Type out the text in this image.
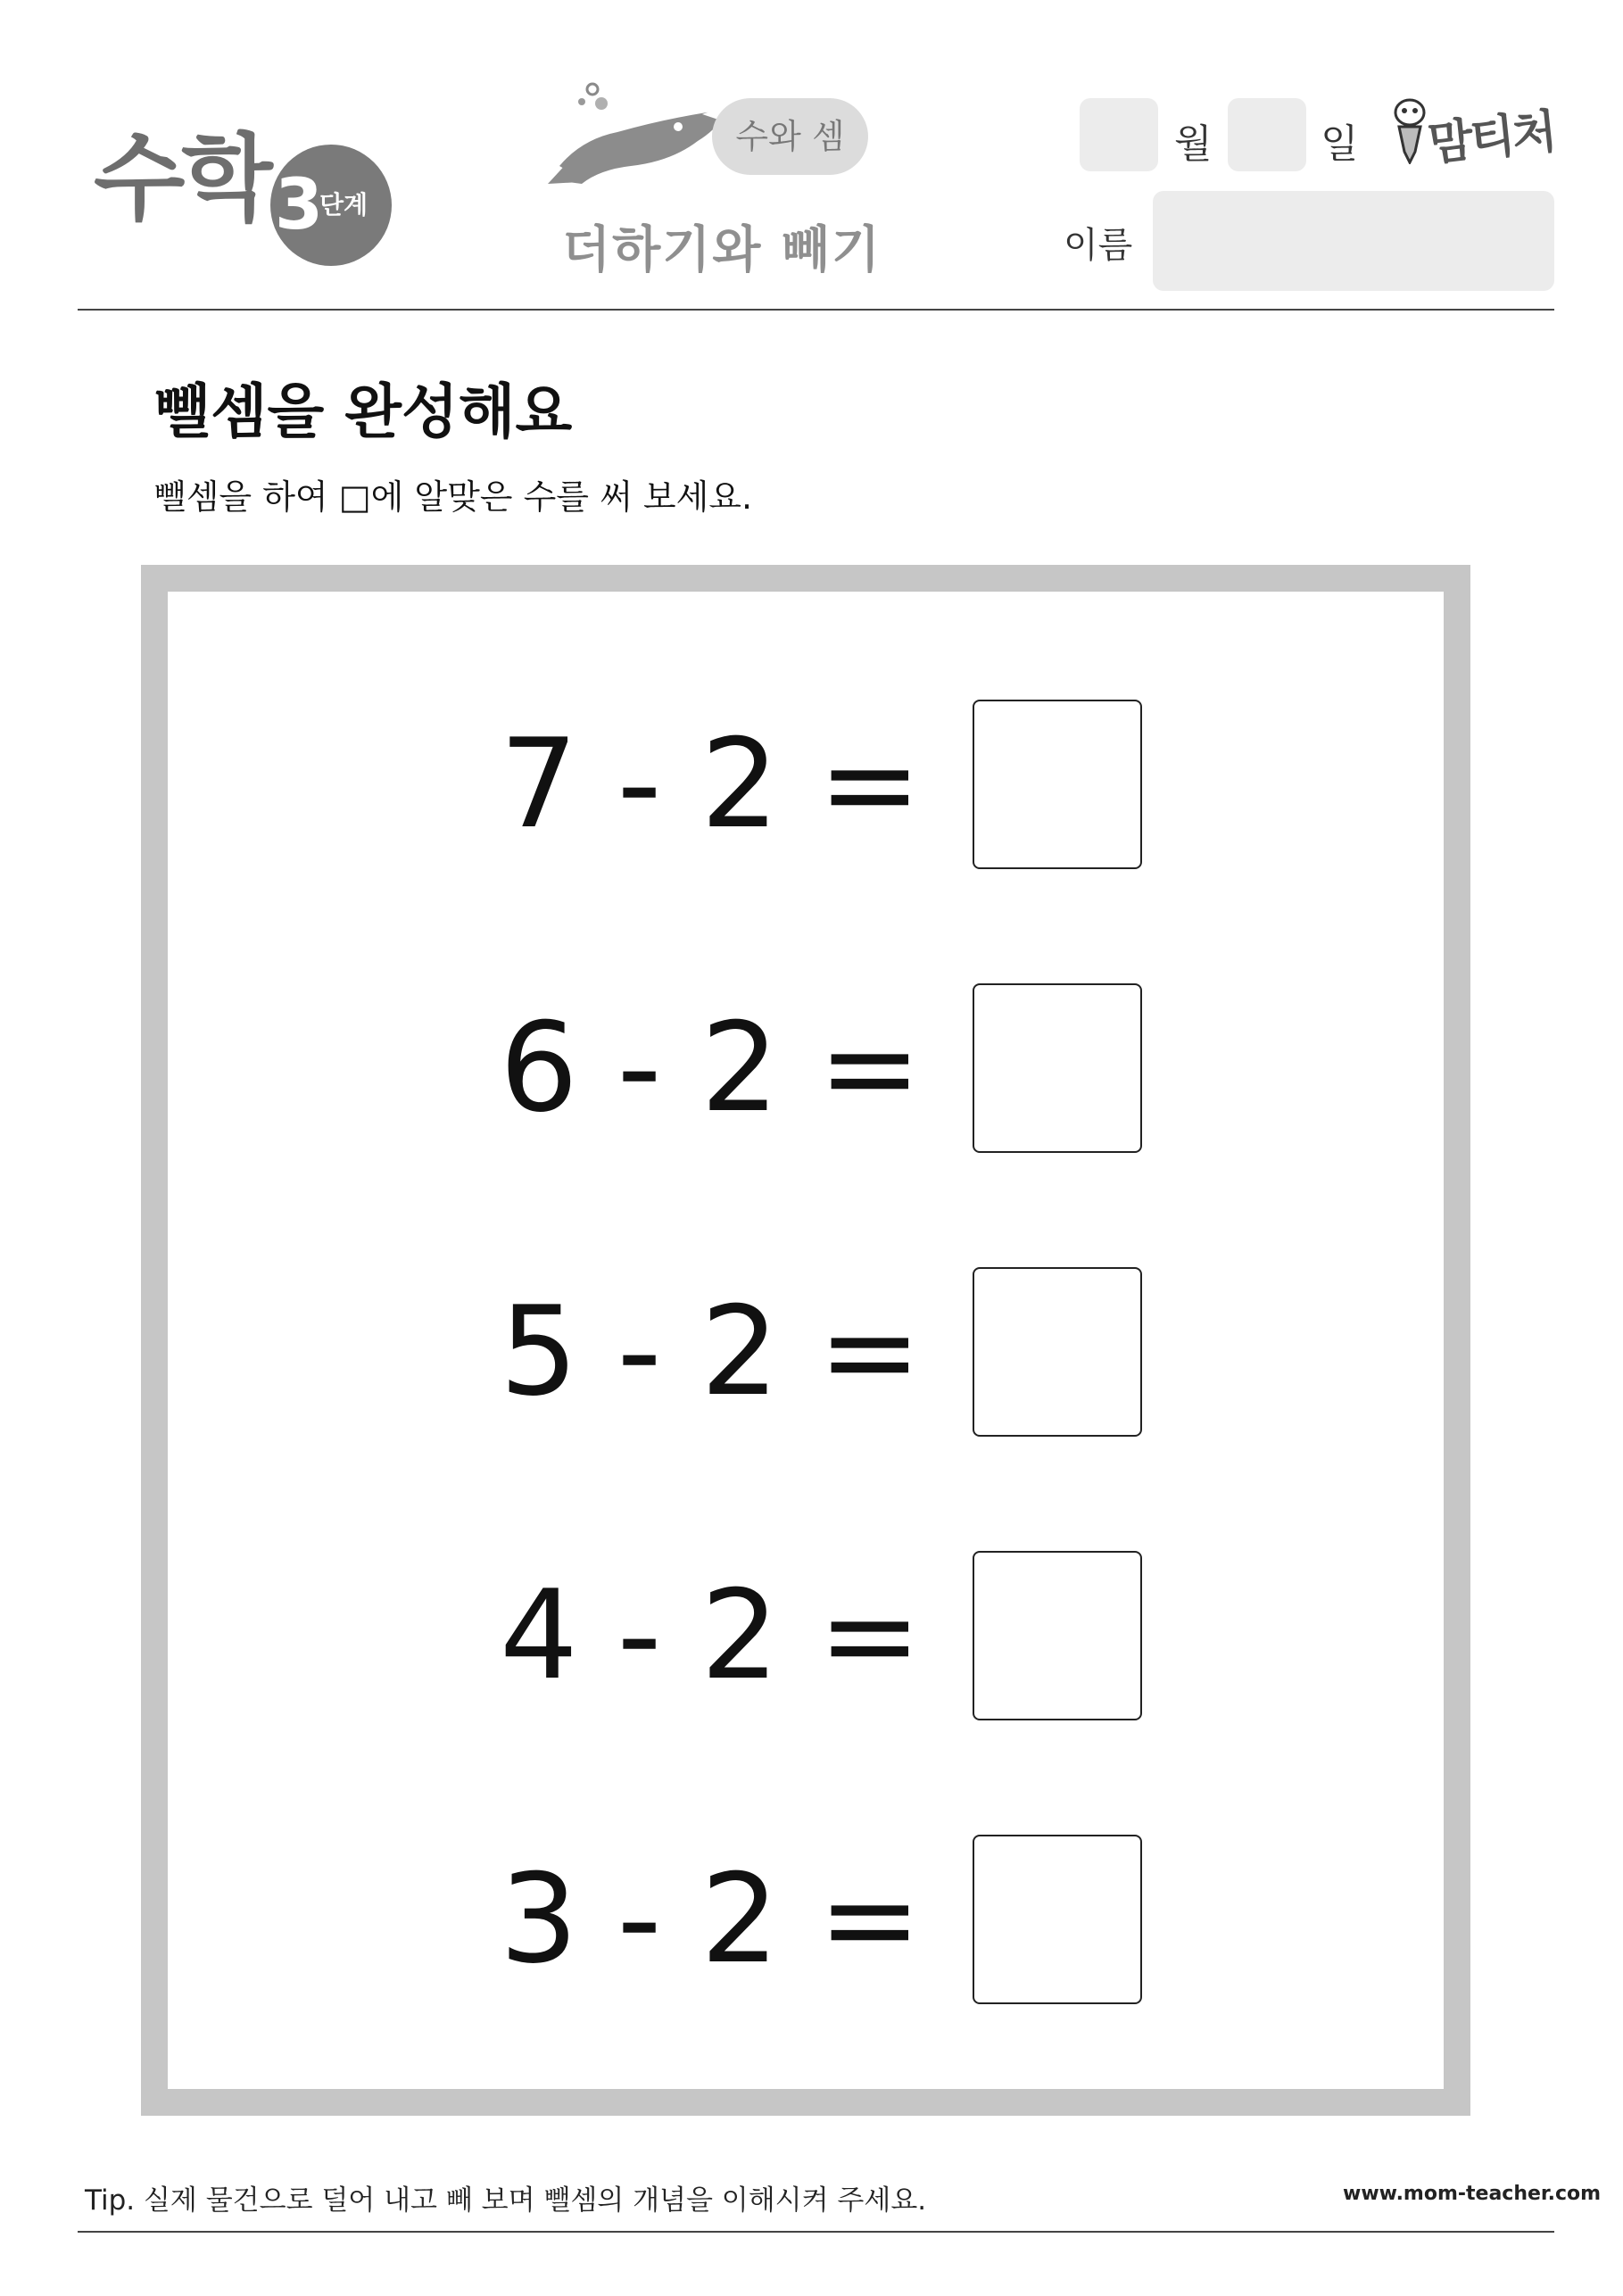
수학 3
단계
수와 셈
더하기와 빼기
월	일
이름
맘티처
뺄셈을 완성해요
뺄셈을 하여 □에 알맞은 수를 써 보세요.
7 - 2 =
6 - 2 =
5 - 2 =
4 - 2 =
3 - 2 =
Tip. 실제 물건으로 덜어 내고 빼 보며 뺄셈의 개념을 이해시켜 주세요.	www.mom-teacher.com
